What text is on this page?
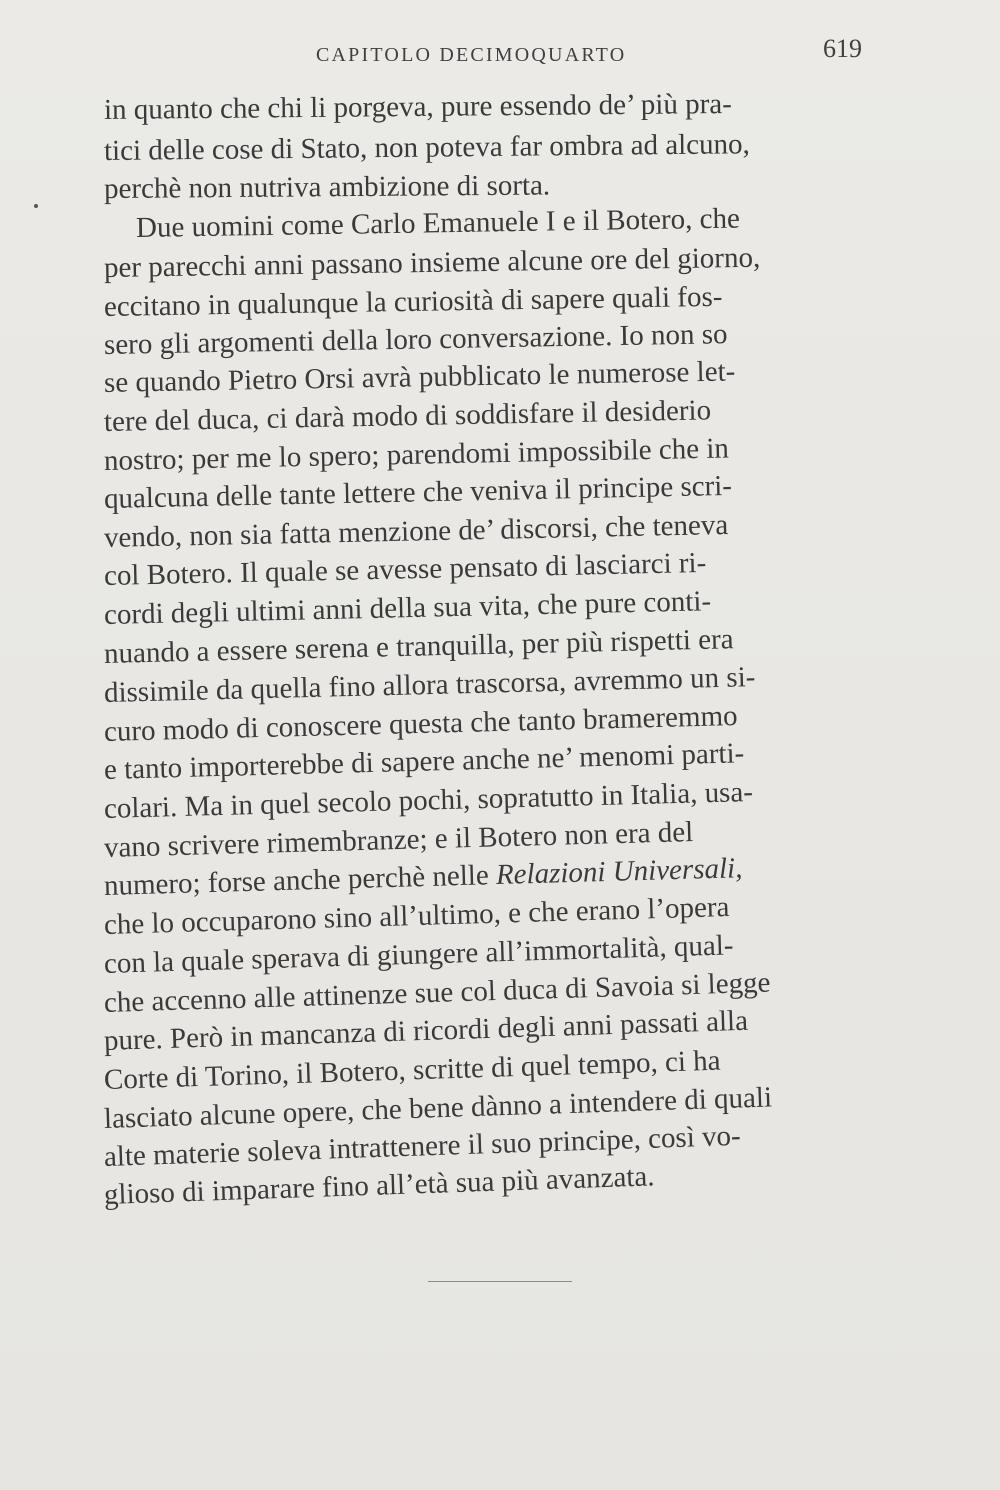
CAPITOLO DECIMOQUARTO	619
in quanto che chi li porgeva, pure essendo de’ più pra-
tici delle cose di Stato, non poteva far ombra ad alcuno,
perchè non nutriva ambizione di sorta.
Due uomini come Carlo Emanuele I e il Botero, che
per parecchi anni passano insieme alcune ore del giorno,
eccitano in qualunque la curiosità di sapere quali fos-
sero gli argomenti della loro conversazione. Io non so
se quando Pietro Orsi avrà pubblicato le numerose let-
tere del duca, ci darà modo di soddisfare il desiderio
nostro; per me lo spero; parendomi impossibile che in
qualcuna delle tante lettere che veniva il principe scri-
vendo, non sia fatta menzione de’ discorsi, che teneva
col Botero. Il quale se avesse pensato di lasciarci ri-
cordi degli ultimi anni della sua vita, che pure conti-
nuando a essere serena e tranquilla, per più rispetti era
dissimile da quella fino allora trascorsa, avremmo un si-
curo modo di conoscere questa che tanto brameremmo
e tanto importerebbe di sapere anche ne’ menomi parti-
colari. Ma in quel secolo pochi, sopratutto in Italia, usa-
vano scrivere rimembranze; e il Botero non era del
numero; forse anche perchè nelle Relazioni Universali,
che lo occuparono sino all’ultimo, e che erano l’opera
con la quale sperava di giungere all’immortalità, qual-
che accenno alle attinenze sue col duca di Savoia si legge
pure. Però in mancanza di ricordi degli anni passati alla
Corte di Torino, il Botero, scritte di quel tempo, ci ha
lasciato alcune opere, che bene dànno a intendere di quali
alte materie soleva intrattenere il suo principe, così vo-
glioso di imparare fino all’età sua più avanzata.
